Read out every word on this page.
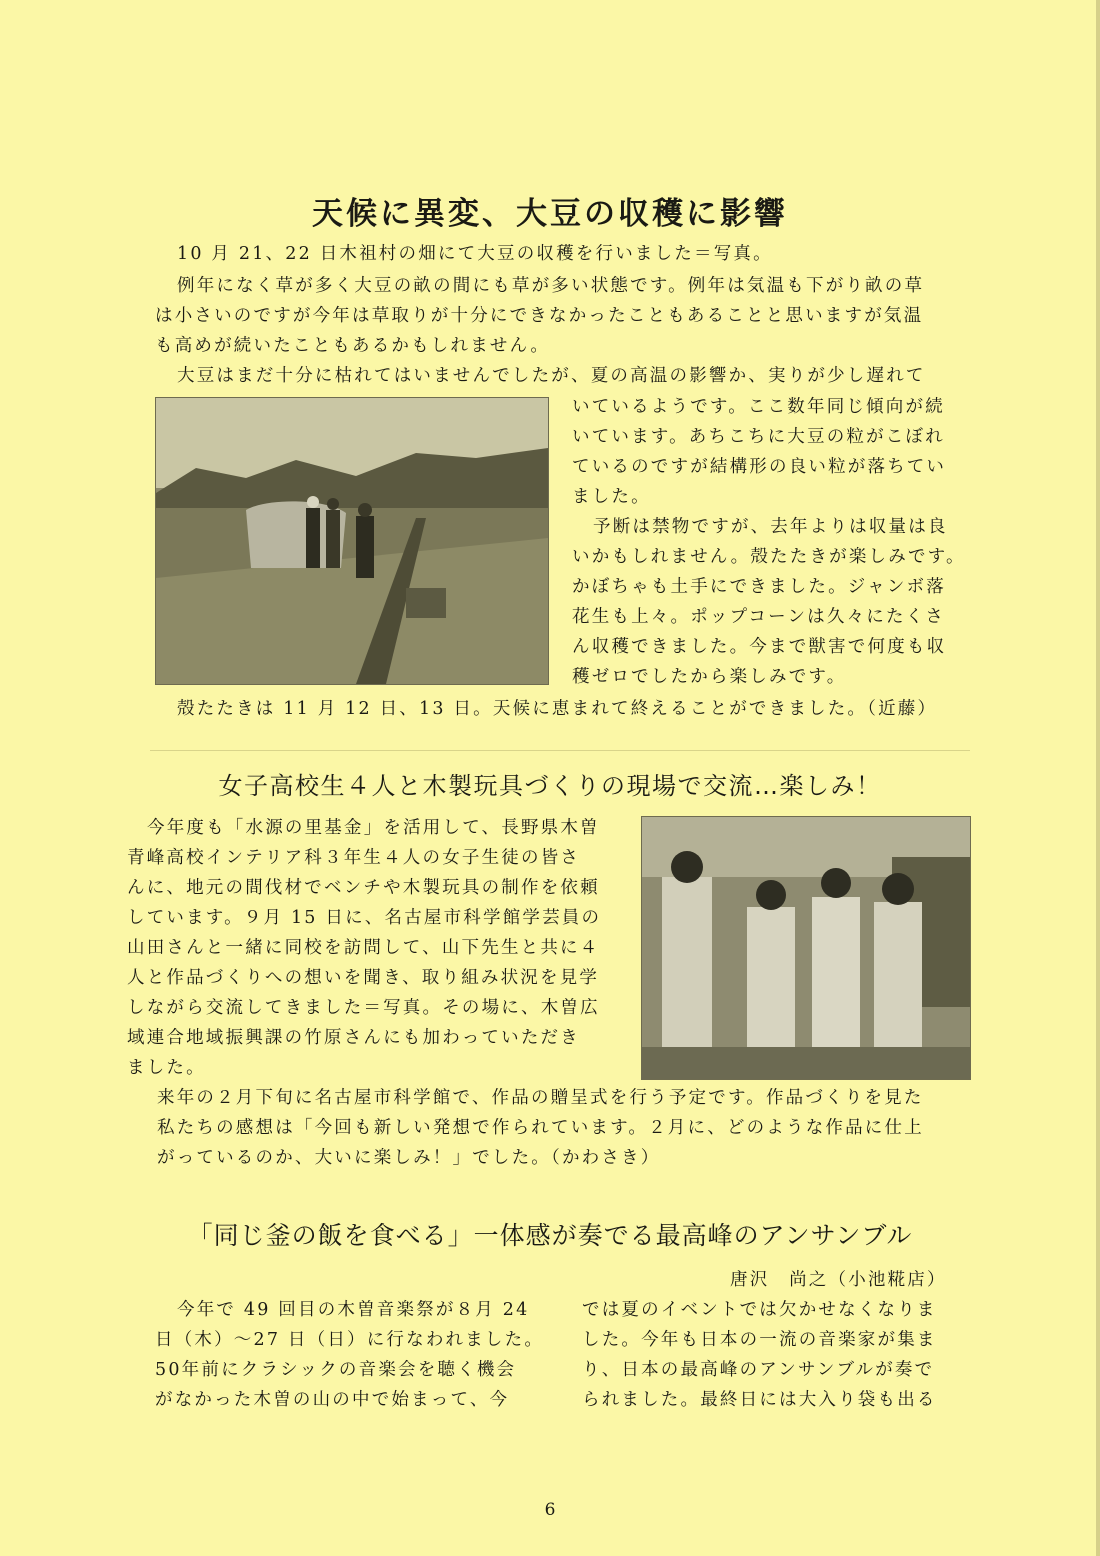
天候に異変、大豆の収穫に影響
10 月 21、22 日木祖村の畑にて大豆の収穫を行いました＝写真。
例年になく草が多く大豆の畝の間にも草が多い状態です。例年は気温も下がり畝の草
は小さいのですが今年は草取りが十分にできなかったこともあることと思いますが気温
も高めが続いたこともあるかもしれません。
大豆はまだ十分に枯れてはいませんでしたが、夏の高温の影響か、実りが少し遅れて
いているようです。ここ数年同じ傾向が続
いています。あちこちに大豆の粒がこぼれ
ているのですが結構形の良い粒が落ちてい
ました。
予断は禁物ですが、去年よりは収量は良
いかもしれません。殻たたきが楽しみです。
かぼちゃも土手にできました。ジャンボ落
花生も上々。ポップコーンは久々にたくさ
ん収穫できました。今まで獣害で何度も収
穫ゼロでしたから楽しみです。
殻たたきは 11 月 12 日、13 日。天候に恵まれて終えることができました。（近藤）
女子高校生４人と木製玩具づくりの現場で交流…楽しみ！
今年度も「水源の里基金」を活用して、長野県木曽
青峰高校インテリア科３年生４人の女子生徒の皆さ
んに、地元の間伐材でベンチや木製玩具の制作を依頼
しています。９月 15 日に、名古屋市科学館学芸員の
山田さんと一緒に同校を訪問して、山下先生と共に４
人と作品づくりへの想いを聞き、取り組み状況を見学
しながら交流してきました＝写真。その場に、木曽広
域連合地域振興課の竹原さんにも加わっていただき
ました。
来年の２月下旬に名古屋市科学館で、作品の贈呈式を行う予定です。作品づくりを見た
私たちの感想は「今回も新しい発想で作られています。２月に、どのような作品に仕上
がっているのか、大いに楽しみ！」でした。（かわさき）
「同じ釜の飯を食べる」一体感が奏でる最高峰のアンサンブル
唐沢　尚之（小池糀店）
今年で 49 回目の木曽音楽祭が８月 24
日（木）～27 日（日）に行なわれました。
50年前にクラシックの音楽会を聴く機会
がなかった木曽の山の中で始まって、今
では夏のイベントでは欠かせなくなりま
した。今年も日本の一流の音楽家が集ま
り、日本の最高峰のアンサンブルが奏で
られました。最終日には大入り袋も出る
6
